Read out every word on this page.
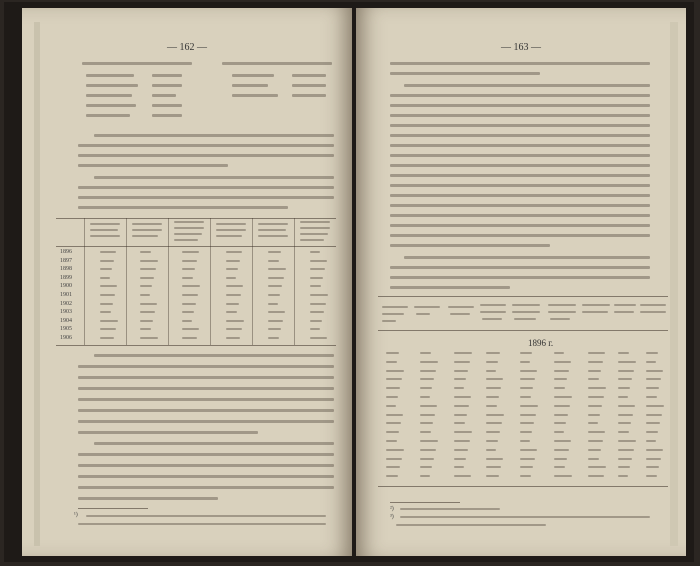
— 162 —
1896
1897
1898
1899
1900
1901
1902
1903
1904
1905
1906
¹)
— 163 —
1896 г.
²)
³)
